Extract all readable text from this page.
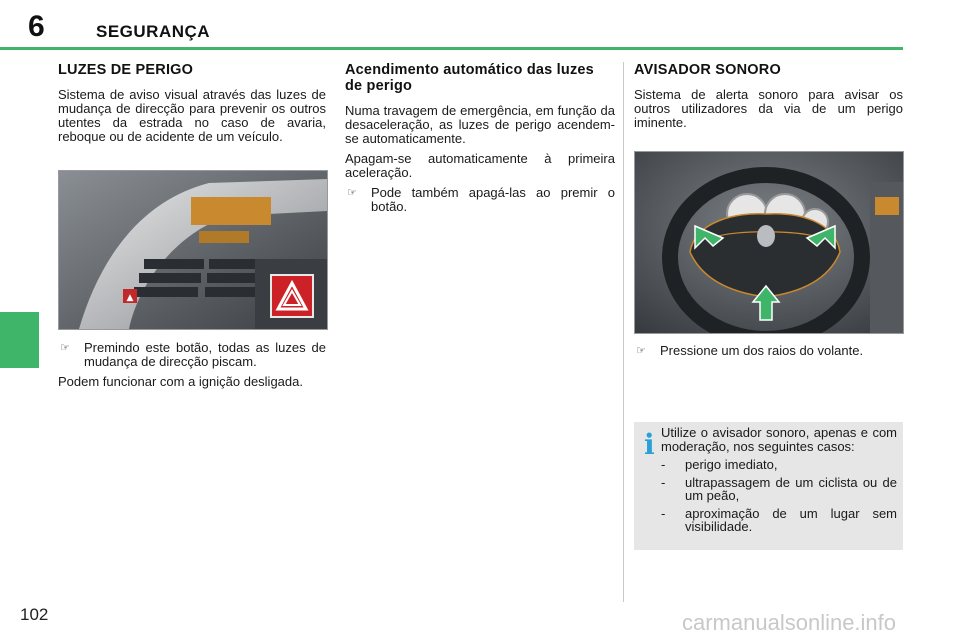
6	SEGURANÇA
LUZES DE PERIGO

Sistema de aviso visual através das luzes de mudança de direcção para prevenir os outros utentes da estrada no caso de avaria, reboque ou de acidente de um veículo.

▲
☞	Premindo este botão, todas as luzes de mudança de direcção piscam.

Podem funcionar com a ignição desligada.

Acendimento automático das luzes de perigo

Numa travagem de emergência, em função da desaceleração, as luzes de perigo acendem-se automaticamente.

Apagam-se automaticamente à primeira aceleração.

☞	Pode também apagá-las ao premir o botão.
AVISADOR SONORO

Sistema de alerta sonoro para avisar os outros utilizadores da via de um perigo iminente.

☞	Pressione um dos raios do volante.
i Utilize o avisador sonoro, apenas e com moderação, nos seguintes casos:

-	perigo imediato,
-	ultrapassagem de um ciclista ou de um peão,
-	aproximação de um lugar sem visibilidade.
102	carmanualsonline.info
